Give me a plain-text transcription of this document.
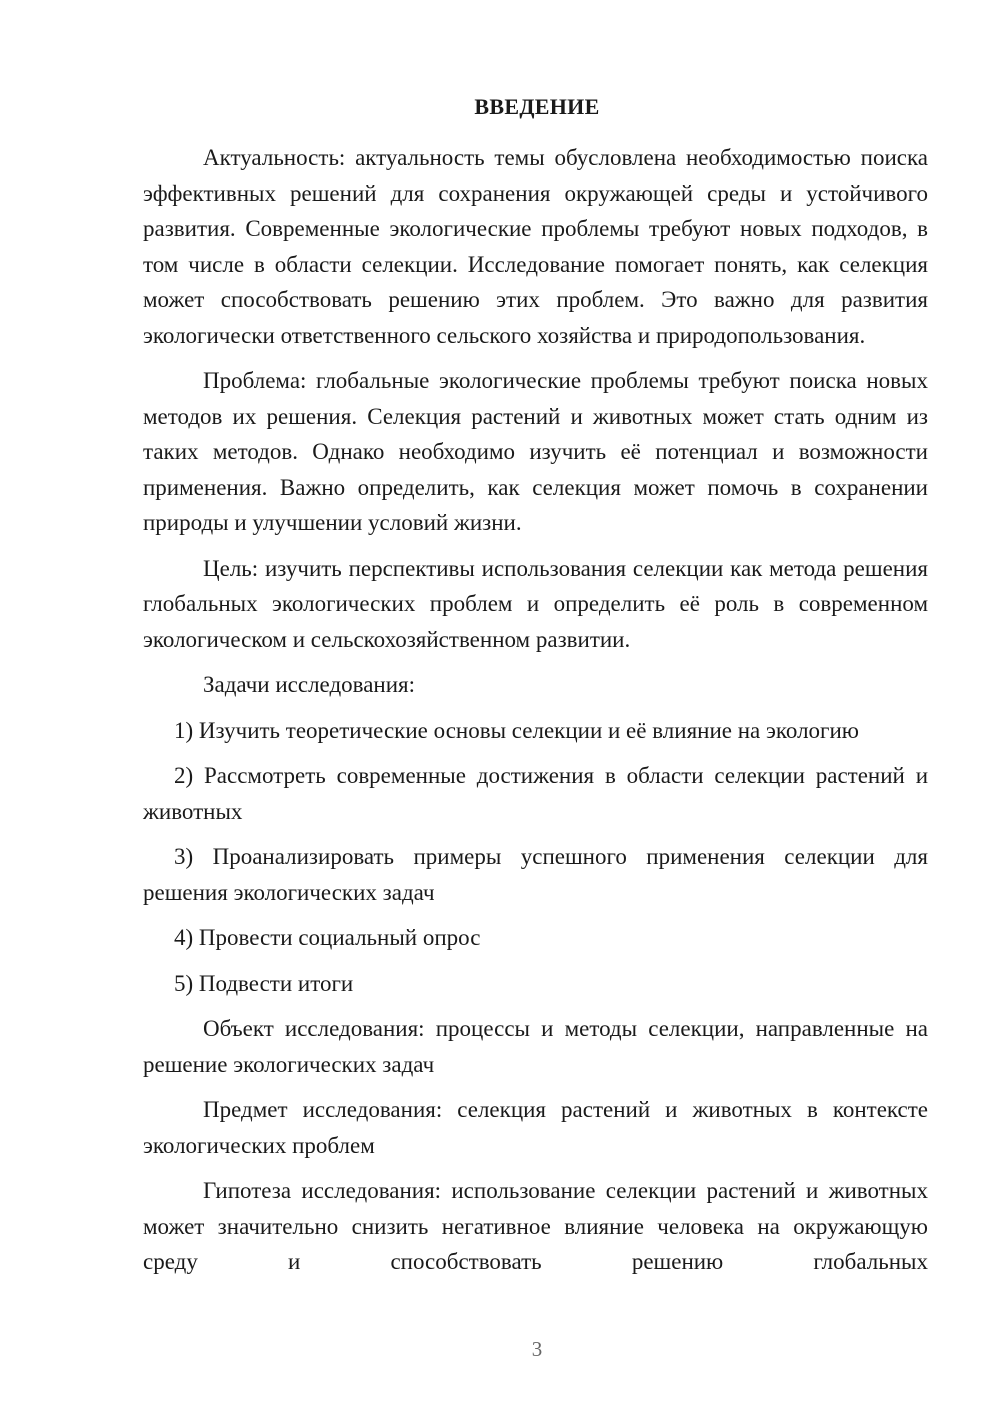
ВВЕДЕНИЕ

Актуальность: актуальность темы обусловлена необходимостью поиска эффективных решений для сохранения окружающей среды и устойчивого развития. Современные экологические проблемы требуют новых подходов, в том числе в области селекции. Исследование помогает понять, как селекция может способствовать решению этих проблем. Это важно для развития экологически ответственного сельского хозяйства и природопользования.

Проблема: глобальные экологические проблемы требуют поиска новых методов их решения. Селекция растений и животных может стать одним из таких методов. Однако необходимо изучить её потенциал и возможности применения. Важно определить, как селекция может помочь в сохранении природы и улучшении условий жизни.

Цель: изучить перспективы использования селекции как метода решения глобальных экологических проблем и определить её роль в современном экологическом и сельскохозяйственном развитии.

Задачи исследования:

1) Изучить теоретические основы селекции и её влияние на экологию

2) Рассмотреть современные достижения в области селекции растений и животных

3) Проанализировать примеры успешного применения селекции для решения экологических задач

4) Провести социальный опрос

5) Подвести итоги

Объект исследования: процессы и методы селекции, направленные на решение экологических задач

Предмет исследования: селекция растений и животных в контексте экологических проблем

Гипотеза исследования: использование селекции растений и животных может значительно снизить негативное влияние человека на окружающую среду и способствовать решению глобальных

3
